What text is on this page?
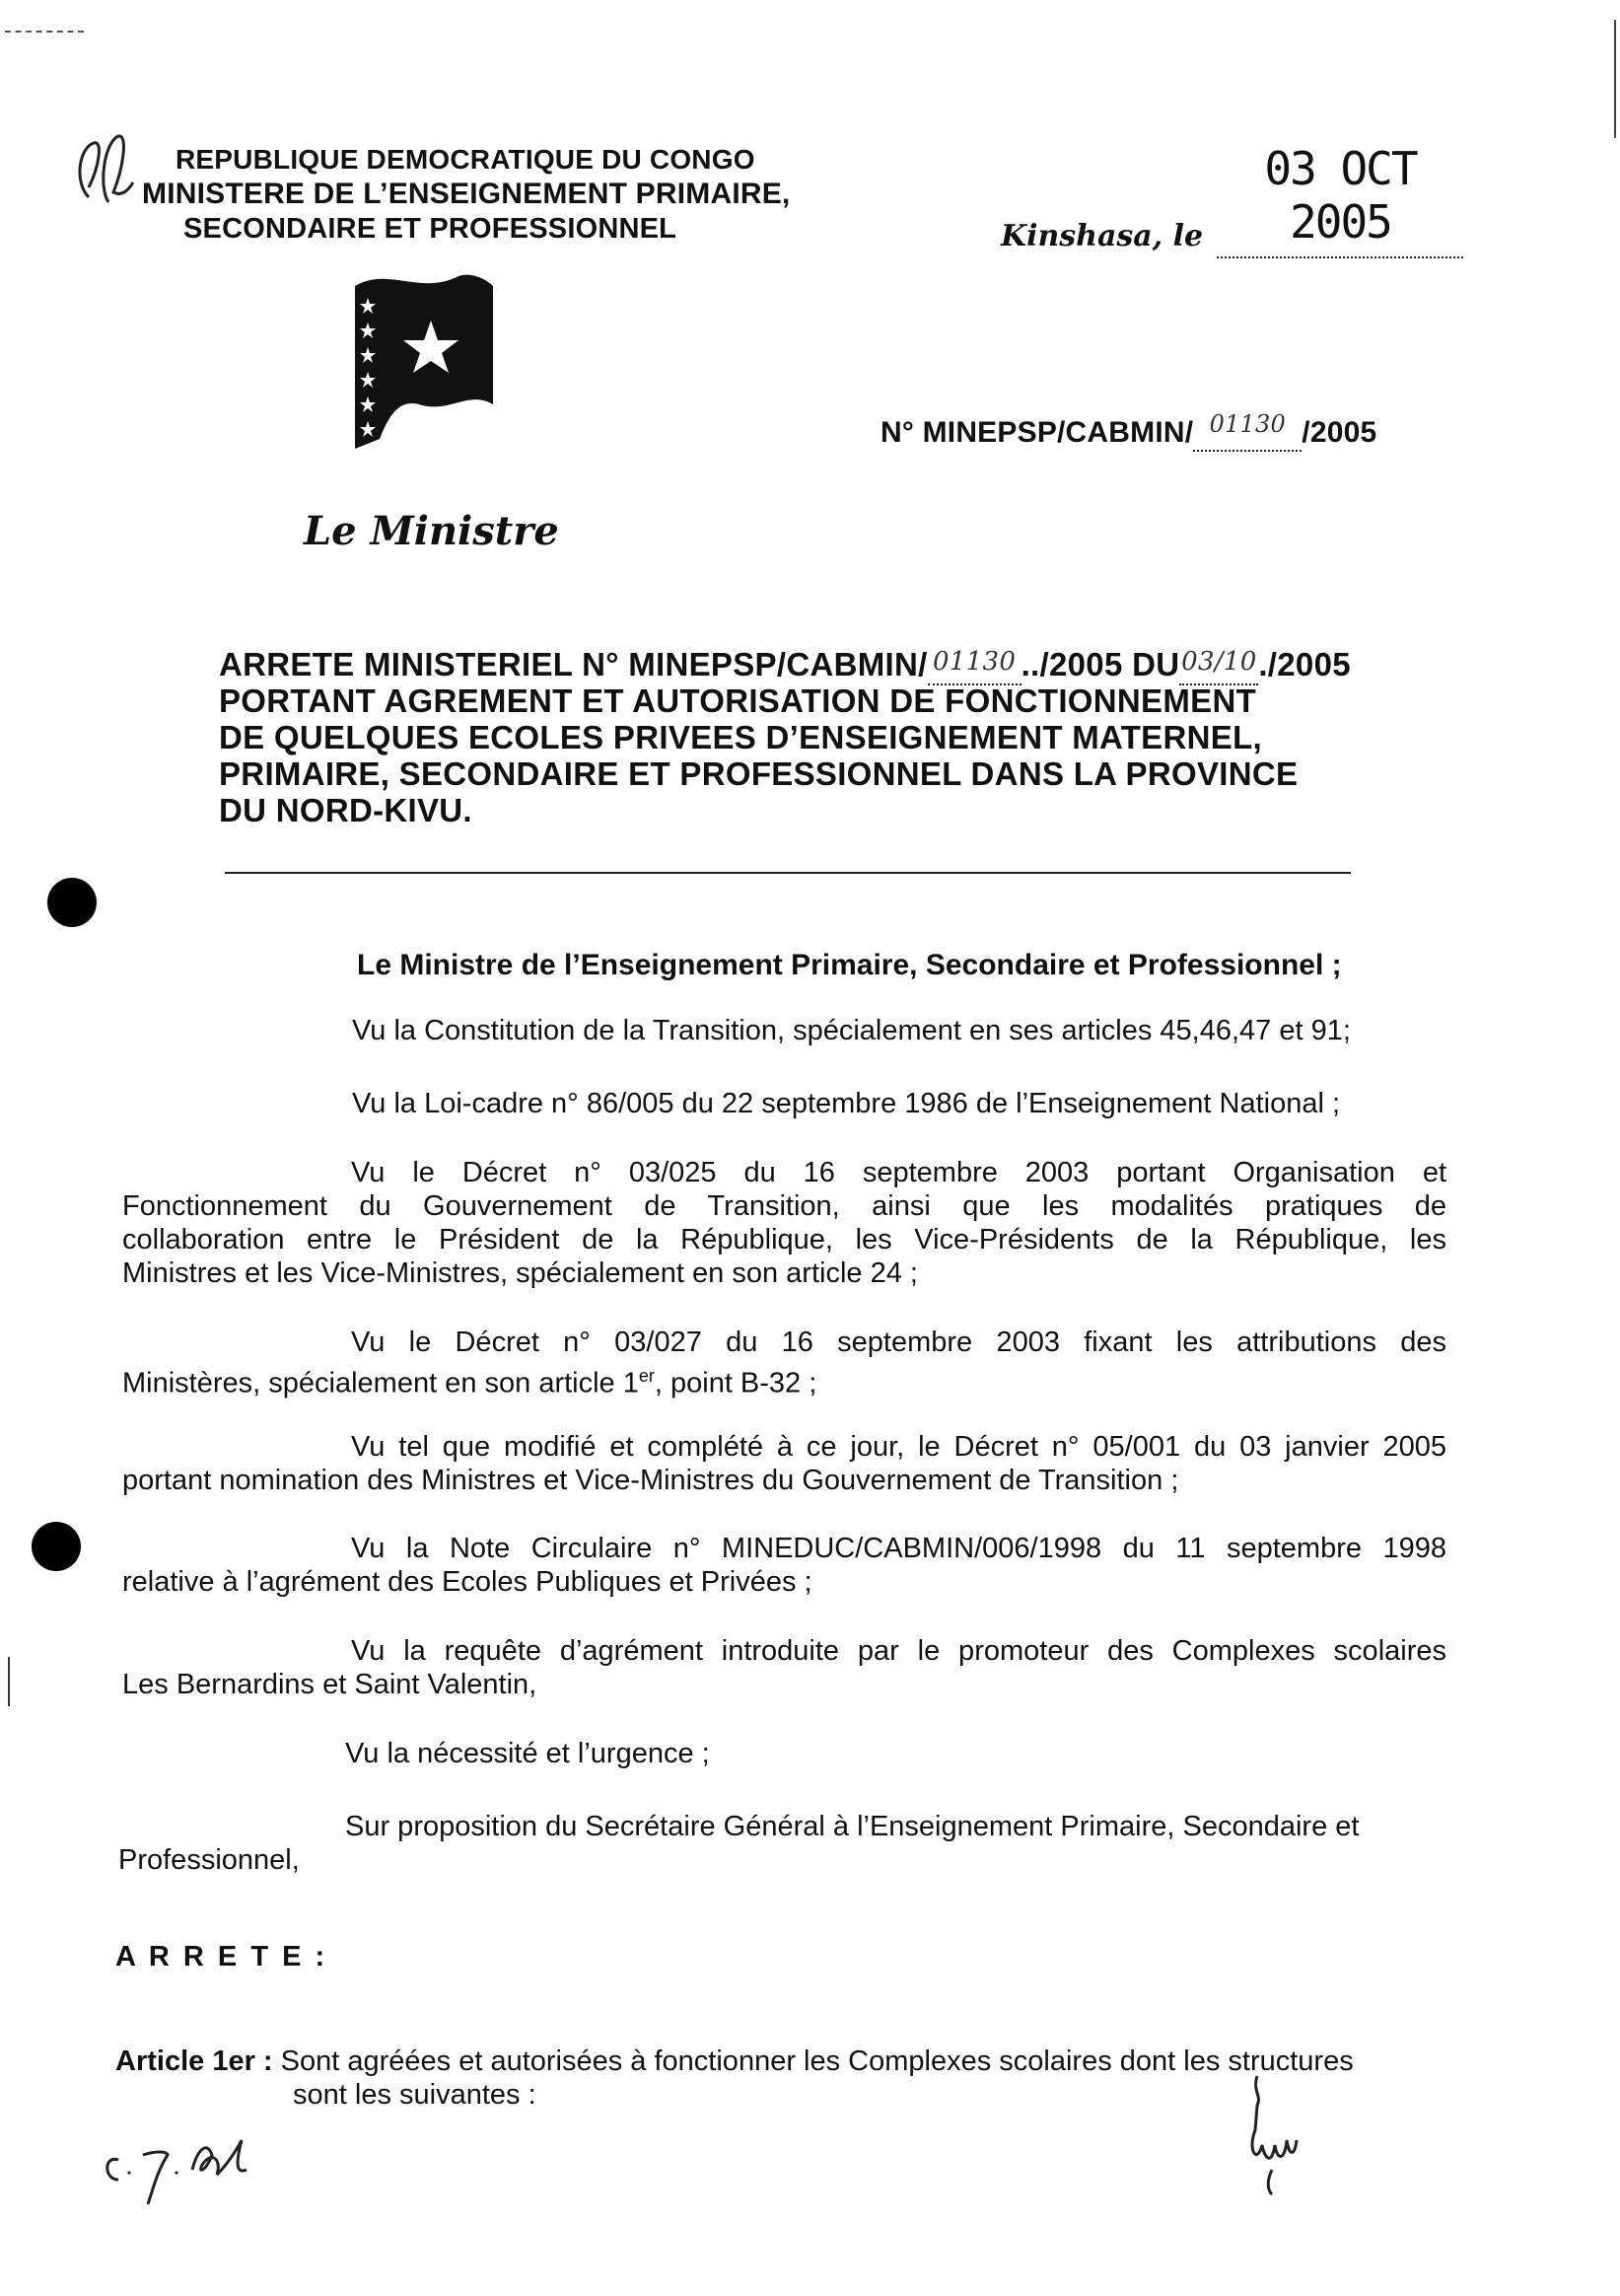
REPUBLIQUE DEMOCRATIQUE DU CONGO
MINISTERE DE L’ENSEIGNEMENT PRIMAIRE,
SECONDAIRE ET PROFESSIONNEL	Kinshasa, le 03 OCT 2005
N° MINEPSP/CABMIN/ $^{01130}$ /2005
Le Ministre
ARRETE MINISTERIEL N° MINEPSP/CABMIN/ 01130 ../2005 DU03/10./2005
PORTANT AGREMENT ET AUTORISATION DE FONCTIONNEMENT
DE QUELQUES ECOLES PRIVEES D’ENSEIGNEMENT MATERNEL,
PRIMAIRE, SECONDAIRE ET PROFESSIONNEL DANS LA PROVINCE
DU NORD-KIVU.
Le Ministre de l’Enseignement Primaire, Secondaire et Professionnel ;
Vu la Constitution de la Transition, spécialement en ses articles 45,46,47 et 91;
Vu la Loi-cadre n° 86/005 du 22 septembre 1986 de l’Enseignement National ;
Vu le Décret n° 03/025 du 16 septembre 2003 portant Organisation et
Fonctionnement du Gouvernement de Transition, ainsi que les modalités pratiques de
collaboration entre le Président de la République, les Vice-Présidents de la République, les
Ministres et les Vice-Ministres, spécialement en son article 24 ;
Vu le Décret n° 03/027 du 16 septembre 2003 fixant les attributions des
Ministères, spécialement en son article 1er, point B-32 ;
Vu tel que modifié et complété à ce jour, le Décret n° 05/001 du 03 janvier 2005
portant nomination des Ministres et Vice-Ministres du Gouvernement de Transition ;
Vu la Note Circulaire n° MINEDUC/CABMIN/006/1998 du 11 septembre 1998
relative à l’agrément des Ecoles Publiques et Privées ;
Vu la requête d’agrément introduite par le promoteur des Complexes scolaires
Les Bernardins et Saint Valentin,
Vu la nécessité et l’urgence ;
Sur proposition du Secrétaire Général à l’Enseignement Primaire, Secondaire et
Professionnel,
A R R E T E :
Article 1er : Sont agréées et autorisées à fonctionner les Complexes scolaires dont les structures
sont les suivantes :
